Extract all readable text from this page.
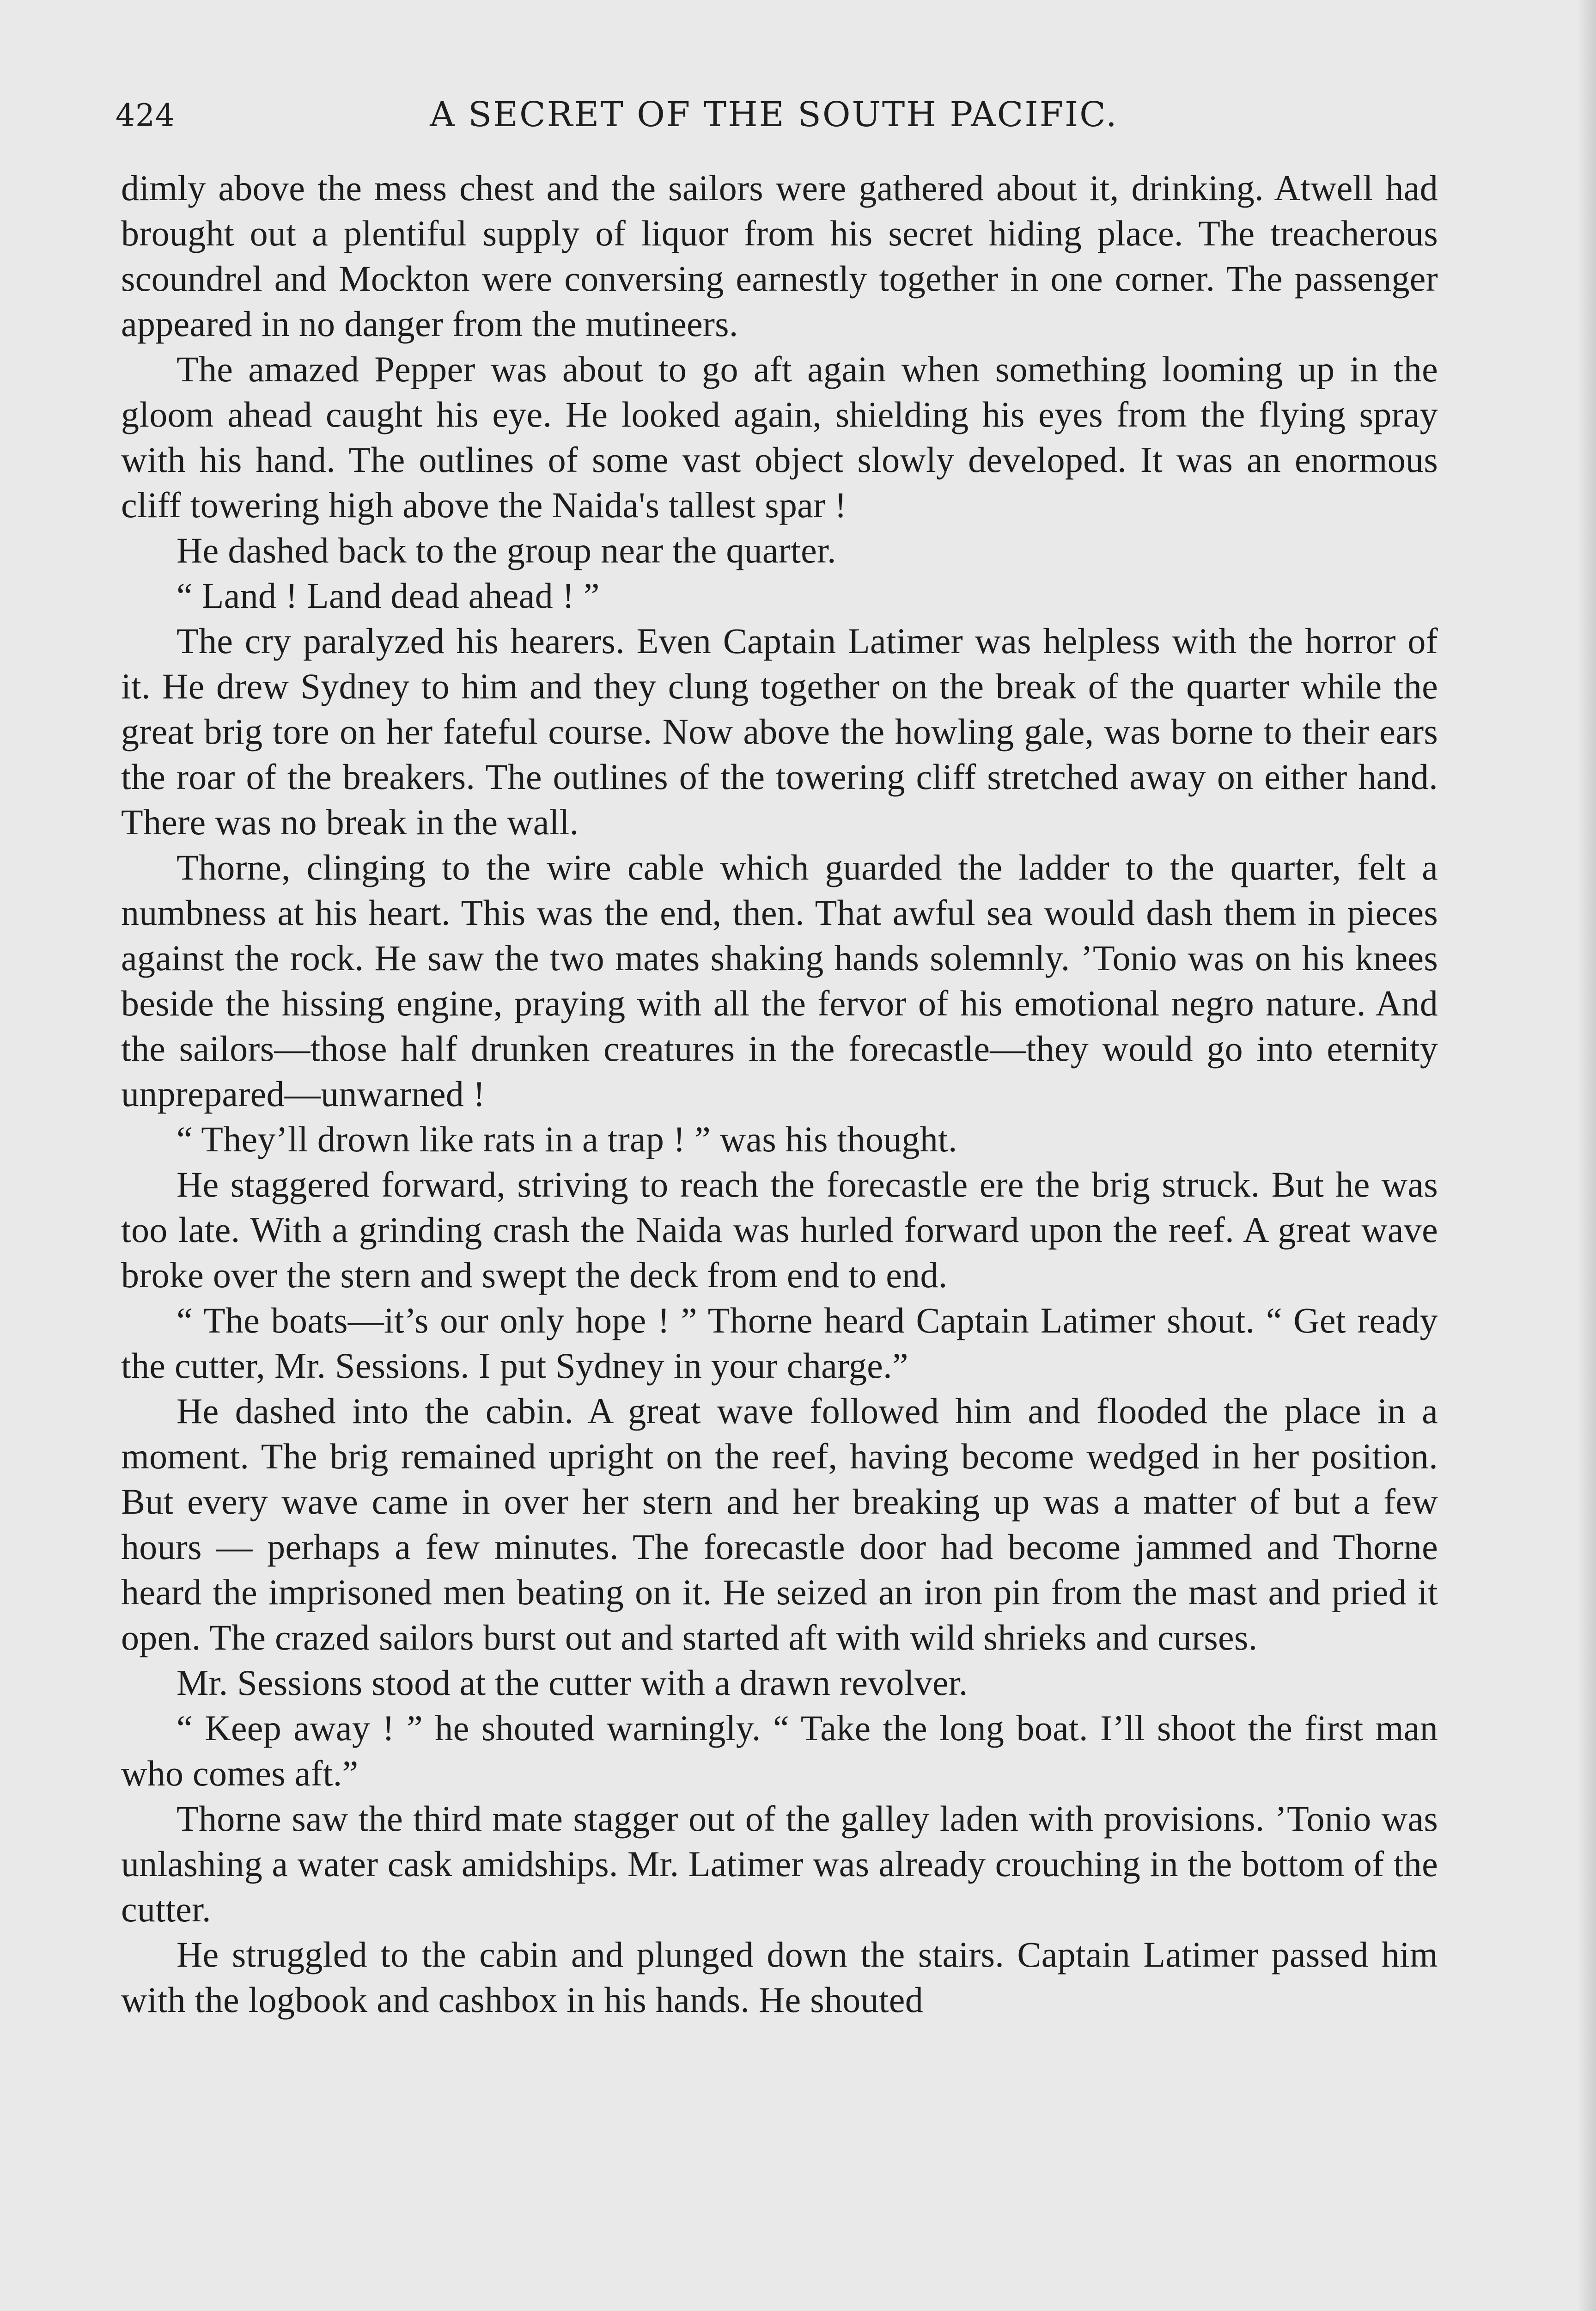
424	A SECRET OF THE SOUTH PACIFIC.

dimly above the mess chest and the sailors were gathered about it, drinking. Atwell had brought out a plentiful supply of liquor from his secret hiding place. The treacherous scoundrel and Mockton were conversing earnestly together in one corner. The passenger appeared in no danger from the mutineers.

The amazed Pepper was about to go aft again when something looming up in the gloom ahead caught his eye. He looked again, shielding his eyes from the flying spray with his hand. The outlines of some vast object slowly developed. It was an enormous cliff towering high above the Naida's tallest spar !

He dashed back to the group near the quarter.

“ Land ! Land dead ahead ! ”

The cry paralyzed his hearers. Even Captain Latimer was helpless with the horror of it. He drew Sydney to him and they clung together on the break of the quarter while the great brig tore on her fateful course. Now above the howling gale, was borne to their ears the roar of the breakers. The outlines of the towering cliff stretched away on either hand. There was no break in the wall.

Thorne, clinging to the wire cable which guarded the ladder to the quarter, felt a numbness at his heart. This was the end, then. That awful sea would dash them in pieces against the rock. He saw the two mates shaking hands solemnly. ’Tonio was on his knees beside the hissing engine, praying with all the fervor of his emotional negro nature. And the sailors—those half drunken creatures in the forecastle—they would go into eternity unprepared—unwarned !

“ They’ll drown like rats in a trap ! ” was his thought.

He staggered forward, striving to reach the forecastle ere the brig struck. But he was too late. With a grinding crash the Naida was hurled forward upon the reef. A great wave broke over the stern and swept the deck from end to end.

“ The boats—it’s our only hope ! ” Thorne heard Captain Latimer shout. “ Get ready the cutter, Mr. Sessions. I put Sydney in your charge.”

He dashed into the cabin. A great wave followed him and flooded the place in a moment. The brig remained upright on the reef, having become wedged in her position. But every wave came in over her stern and her breaking up was a matter of but a few hours — perhaps a few minutes. The forecastle door had become jammed and Thorne heard the imprisoned men beating on it. He seized an iron pin from the mast and pried it open. The crazed sailors burst out and started aft with wild shrieks and curses.

Mr. Sessions stood at the cutter with a drawn revolver.

“ Keep away ! ” he shouted warningly. “ Take the long boat. I’ll shoot the first man who comes aft.”

Thorne saw the third mate stagger out of the galley laden with provisions. ’Tonio was unlashing a water cask amidships. Mr. Latimer was already crouching in the bottom of the cutter.

He struggled to the cabin and plunged down the stairs. Captain Latimer passed him with the logbook and cashbox in his hands. He shouted
